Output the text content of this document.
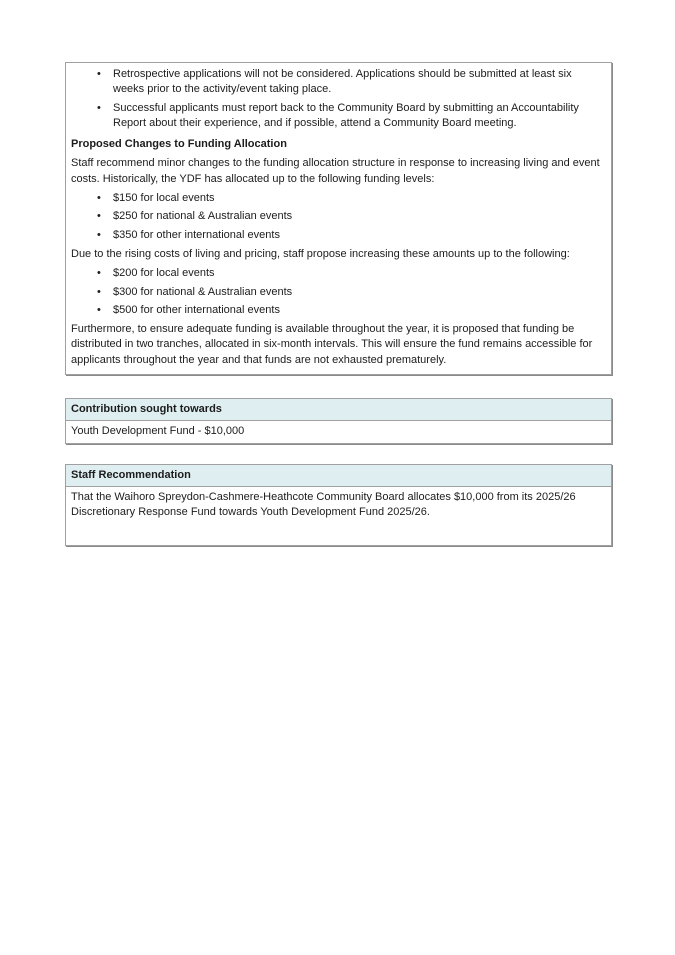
• Retrospective applications will not be considered. Applications should be submitted at least six weeks prior to the activity/event taking place.
• Successful applicants must report back to the Community Board by submitting an Accountability Report about their experience, and if possible, attend a Community Board meeting.
Proposed Changes to Funding Allocation

Staff recommend minor changes to the funding allocation structure in response to increasing living and event costs. Historically, the YDF has allocated up to the following funding levels:

• $150 for local events
• $250 for national & Australian events
• $350 for other international events

Due to the rising costs of living and pricing, staff propose increasing these amounts up to the following:

• $200 for local events
• $300 for national & Australian events
• $500 for other international events

Furthermore, to ensure adequate funding is available throughout the year, it is proposed that funding be distributed in two tranches, allocated in six-month intervals. This will ensure the fund remains accessible for applicants throughout the year and that funds are not exhausted prematurely.

Contribution sought towards
Youth Development Fund - $10,000
Staff Recommendation
That the Waihoro Spreydon-Cashmere-Heathcote Community Board allocates $10,000 from its 2025/26 Discretionary Response Fund towards Youth Development Fund 2025/26.
